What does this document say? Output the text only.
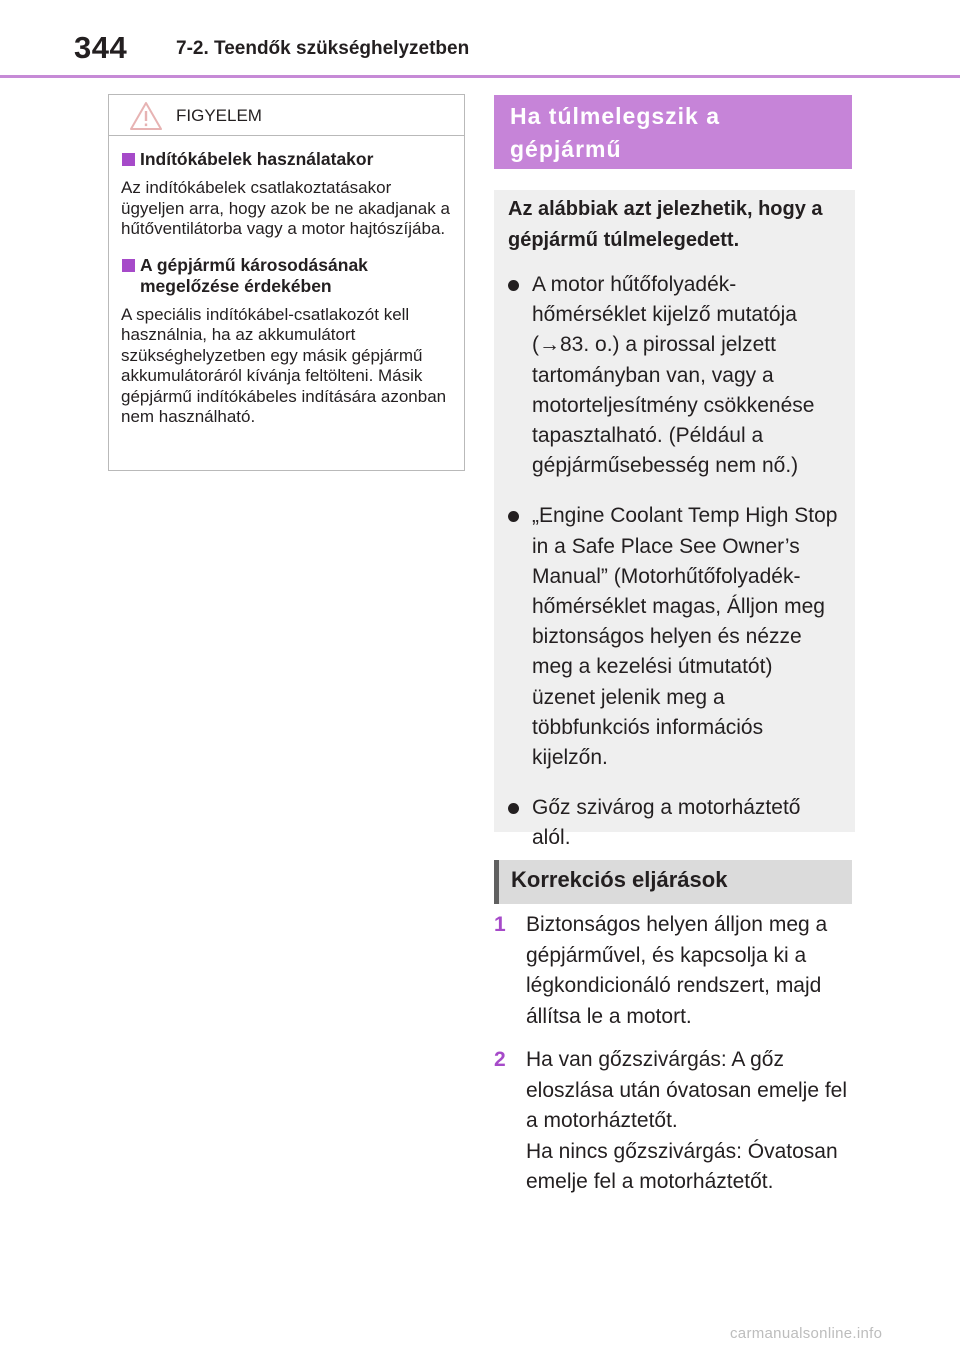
344	7-2. Teendők szükséghelyzetben
FIGYELEM
Indítókábelek használatakor

Az indítókábelek csatlakoztatásakor ügyeljen arra, hogy azok be ne akadjanak a hűtőventilátorba vagy a motor hajtószíjába.

A gépjármű károsodásának megelőzése érdekében

A speciális indítókábel-csatlakozót kell használnia, ha az akkumulátort szükséghelyzetben egy másik gépjármű akkumulátoráról kívánja feltölteni. Másik gépjármű indítókábeles indítására azonban nem használható.

Ha túlmelegszik a gépjármű

Az alábbiak azt jelezhetik, hogy a gépjármű túlmelegedett.

A motor hűtőfolyadék-hőmérséklet kijelző mutatója (→83. o.) a pirossal jelzett tartományban van, vagy a motorteljesítmény csökkenése tapasztalható. (Például a gépjárműsebesség nem nő.)
„Engine Coolant Temp High Stop in a Safe Place See Owner’s Manual” (Motorhűtőfolyadék-hőmérséklet magas, Álljon meg biztonságos helyen és nézze meg a kezelési útmutatót) üzenet jelenik meg a többfunkciós információs kijelzőn.
Gőz szivárog a motorháztető alól.
Korrekciós eljárások
1 Biztonságos helyen álljon meg a gépjárművel, és kapcsolja ki a légkondicionáló rendszert, majd állítsa le a motort.
2 Ha van gőzszivárgás: A gőz eloszlása után óvatosan emelje fel a motorháztetőt.
Ha nincs gőzszivárgás: Óvatosan emelje fel a motorháztetőt.
carmanualsonline.info
